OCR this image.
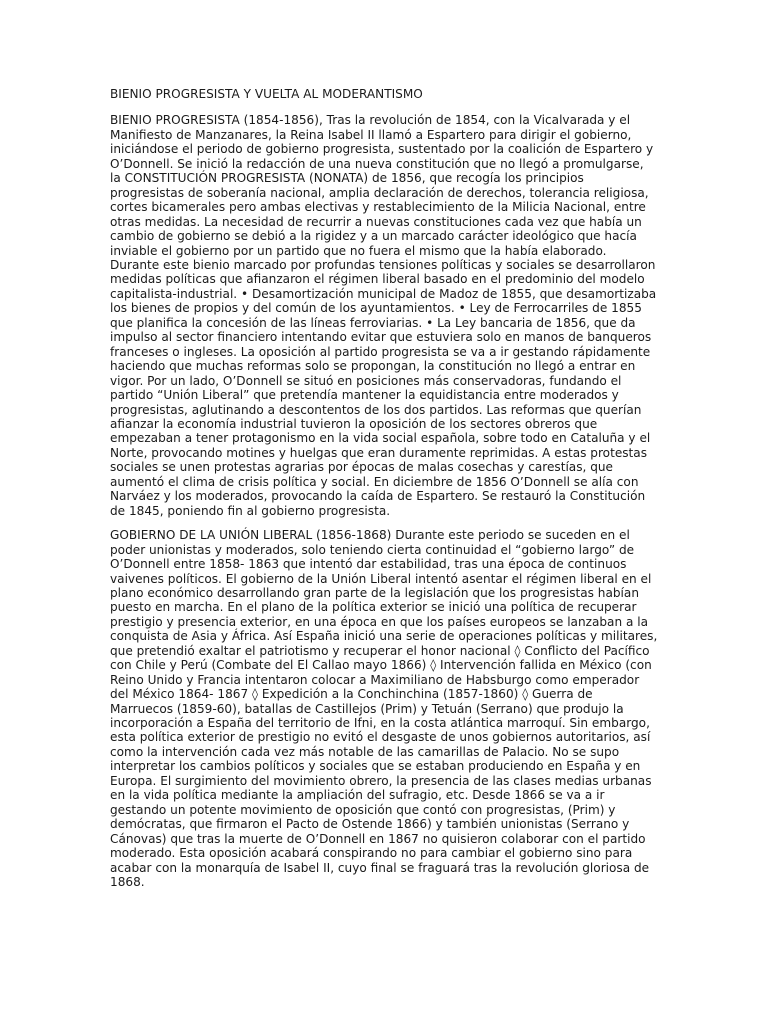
BIENIO PROGRESISTA Y VUELTA AL MODERANTISMO

BIENIO PROGRESISTA (1854-1856), Tras la revolución de 1854, con la Vicalvarada y el Manifiesto de Manzanares, la Reina Isabel II llamó a Espartero para dirigir el gobierno, iniciándose el periodo de gobierno progresista, sustentado por la coalición de Espartero y O’Donnell. Se inició la redacción de una nueva constitución que no llegó a promulgarse, la CONSTITUCIÓN PROGRESISTA (NONATA) de 1856, que recogía los principios progresistas de soberanía nacional, amplia declaración de derechos, tolerancia religiosa, cortes bicamerales pero ambas electivas y restablecimiento de la Milicia Nacional, entre otras medidas. La necesidad de recurrir a nuevas constituciones cada vez que había un cambio de gobierno se debió a la rigidez y a un marcado carácter ideológico que hacía inviable el gobierno por un partido que no fuera el mismo que la había elaborado. Durante este bienio marcado por profundas tensiones políticas y sociales se desarrollaron medidas políticas que afianzaron el régimen liberal basado en el predominio del modelo capitalista-industrial. • Desamortización municipal de Madoz de 1855, que desamortizaba los bienes de propios y del común de los ayuntamientos. • Ley de Ferrocarriles de 1855 que planifica la concesión de las líneas ferroviarias. • La Ley bancaria de 1856, que da impulso al sector financiero intentando evitar que estuviera solo en manos de banqueros franceses o ingleses. La oposición al partido progresista se va a ir gestando rápidamente haciendo que muchas reformas solo se propongan, la constitución no llegó a entrar en vigor. Por un lado, O’Donnell se situó en posiciones más conservadoras, fundando el partido “Unión Liberal” que pretendía mantener la equidistancia entre moderados y progresistas, aglutinando a descontentos de los dos partidos. Las reformas que querían afianzar la economía industrial tuvieron la oposición de los sectores obreros que empezaban a tener protagonismo en la vida social española, sobre todo en Cataluña y el Norte, provocando motines y huelgas que eran duramente reprimidas. A estas protestas sociales se unen protestas agrarias por épocas de malas cosechas y carestías, que aumentó el clima de crisis política y social. En diciembre de 1856 O’Donnell se alía con Narváez y los moderados, provocando la caída de Espartero. Se restauró la Constitución de 1845, poniendo fin al gobierno progresista.

GOBIERNO DE LA UNIÓN LIBERAL (1856-1868) Durante este periodo se suceden en el poder unionistas y moderados, solo teniendo cierta continuidad el “gobierno largo” de O’Donnell entre 1858- 1863 que intentó dar estabilidad, tras una época de continuos vaivenes políticos. El gobierno de la Unión Liberal intentó asentar el régimen liberal en el plano económico desarrollando gran parte de la legislación que los progresistas habían puesto en marcha. En el plano de la política exterior se inició una política de recuperar prestigio y presencia exterior, en una época en que los países europeos se lanzaban a la conquista de Asia y África. Así España inició una serie de operaciones políticas y militares, que pretendió exaltar el patriotismo y recuperar el honor nacional ◊ Conflicto del Pacífico con Chile y Perú (Combate del El Callao mayo 1866) ◊ Intervención fallida en México (con Reino Unido y Francia intentaron colocar a Maximiliano de Habsburgo como emperador del México 1864- 1867 ◊ Expedición a la Conchinchina (1857-1860) ◊ Guerra de Marruecos (1859-60), batallas de Castillejos (Prim) y Tetuán (Serrano) que produjo la incorporación a España del territorio de Ifni, en la costa atlántica marroquí. Sin embargo, esta política exterior de prestigio no evitó el desgaste de unos gobiernos autoritarios, así como la intervención cada vez más notable de las camarillas de Palacio. No se supo interpretar los cambios políticos y sociales que se estaban produciendo en España y en Europa. El surgimiento del movimiento obrero, la presencia de las clases medias urbanas en la vida política mediante la ampliación del sufragio, etc. Desde 1866 se va a ir gestando un potente movimiento de oposición que contó con progresistas, (Prim) y demócratas, que firmaron el Pacto de Ostende 1866) y también unionistas (Serrano y Cánovas) que tras la muerte de O’Donnell en 1867 no quisieron colaborar con el partido moderado. Esta oposición acabará conspirando no para cambiar el gobierno sino para acabar con la monarquía de Isabel II, cuyo final se fraguará tras la revolución gloriosa de 1868.
